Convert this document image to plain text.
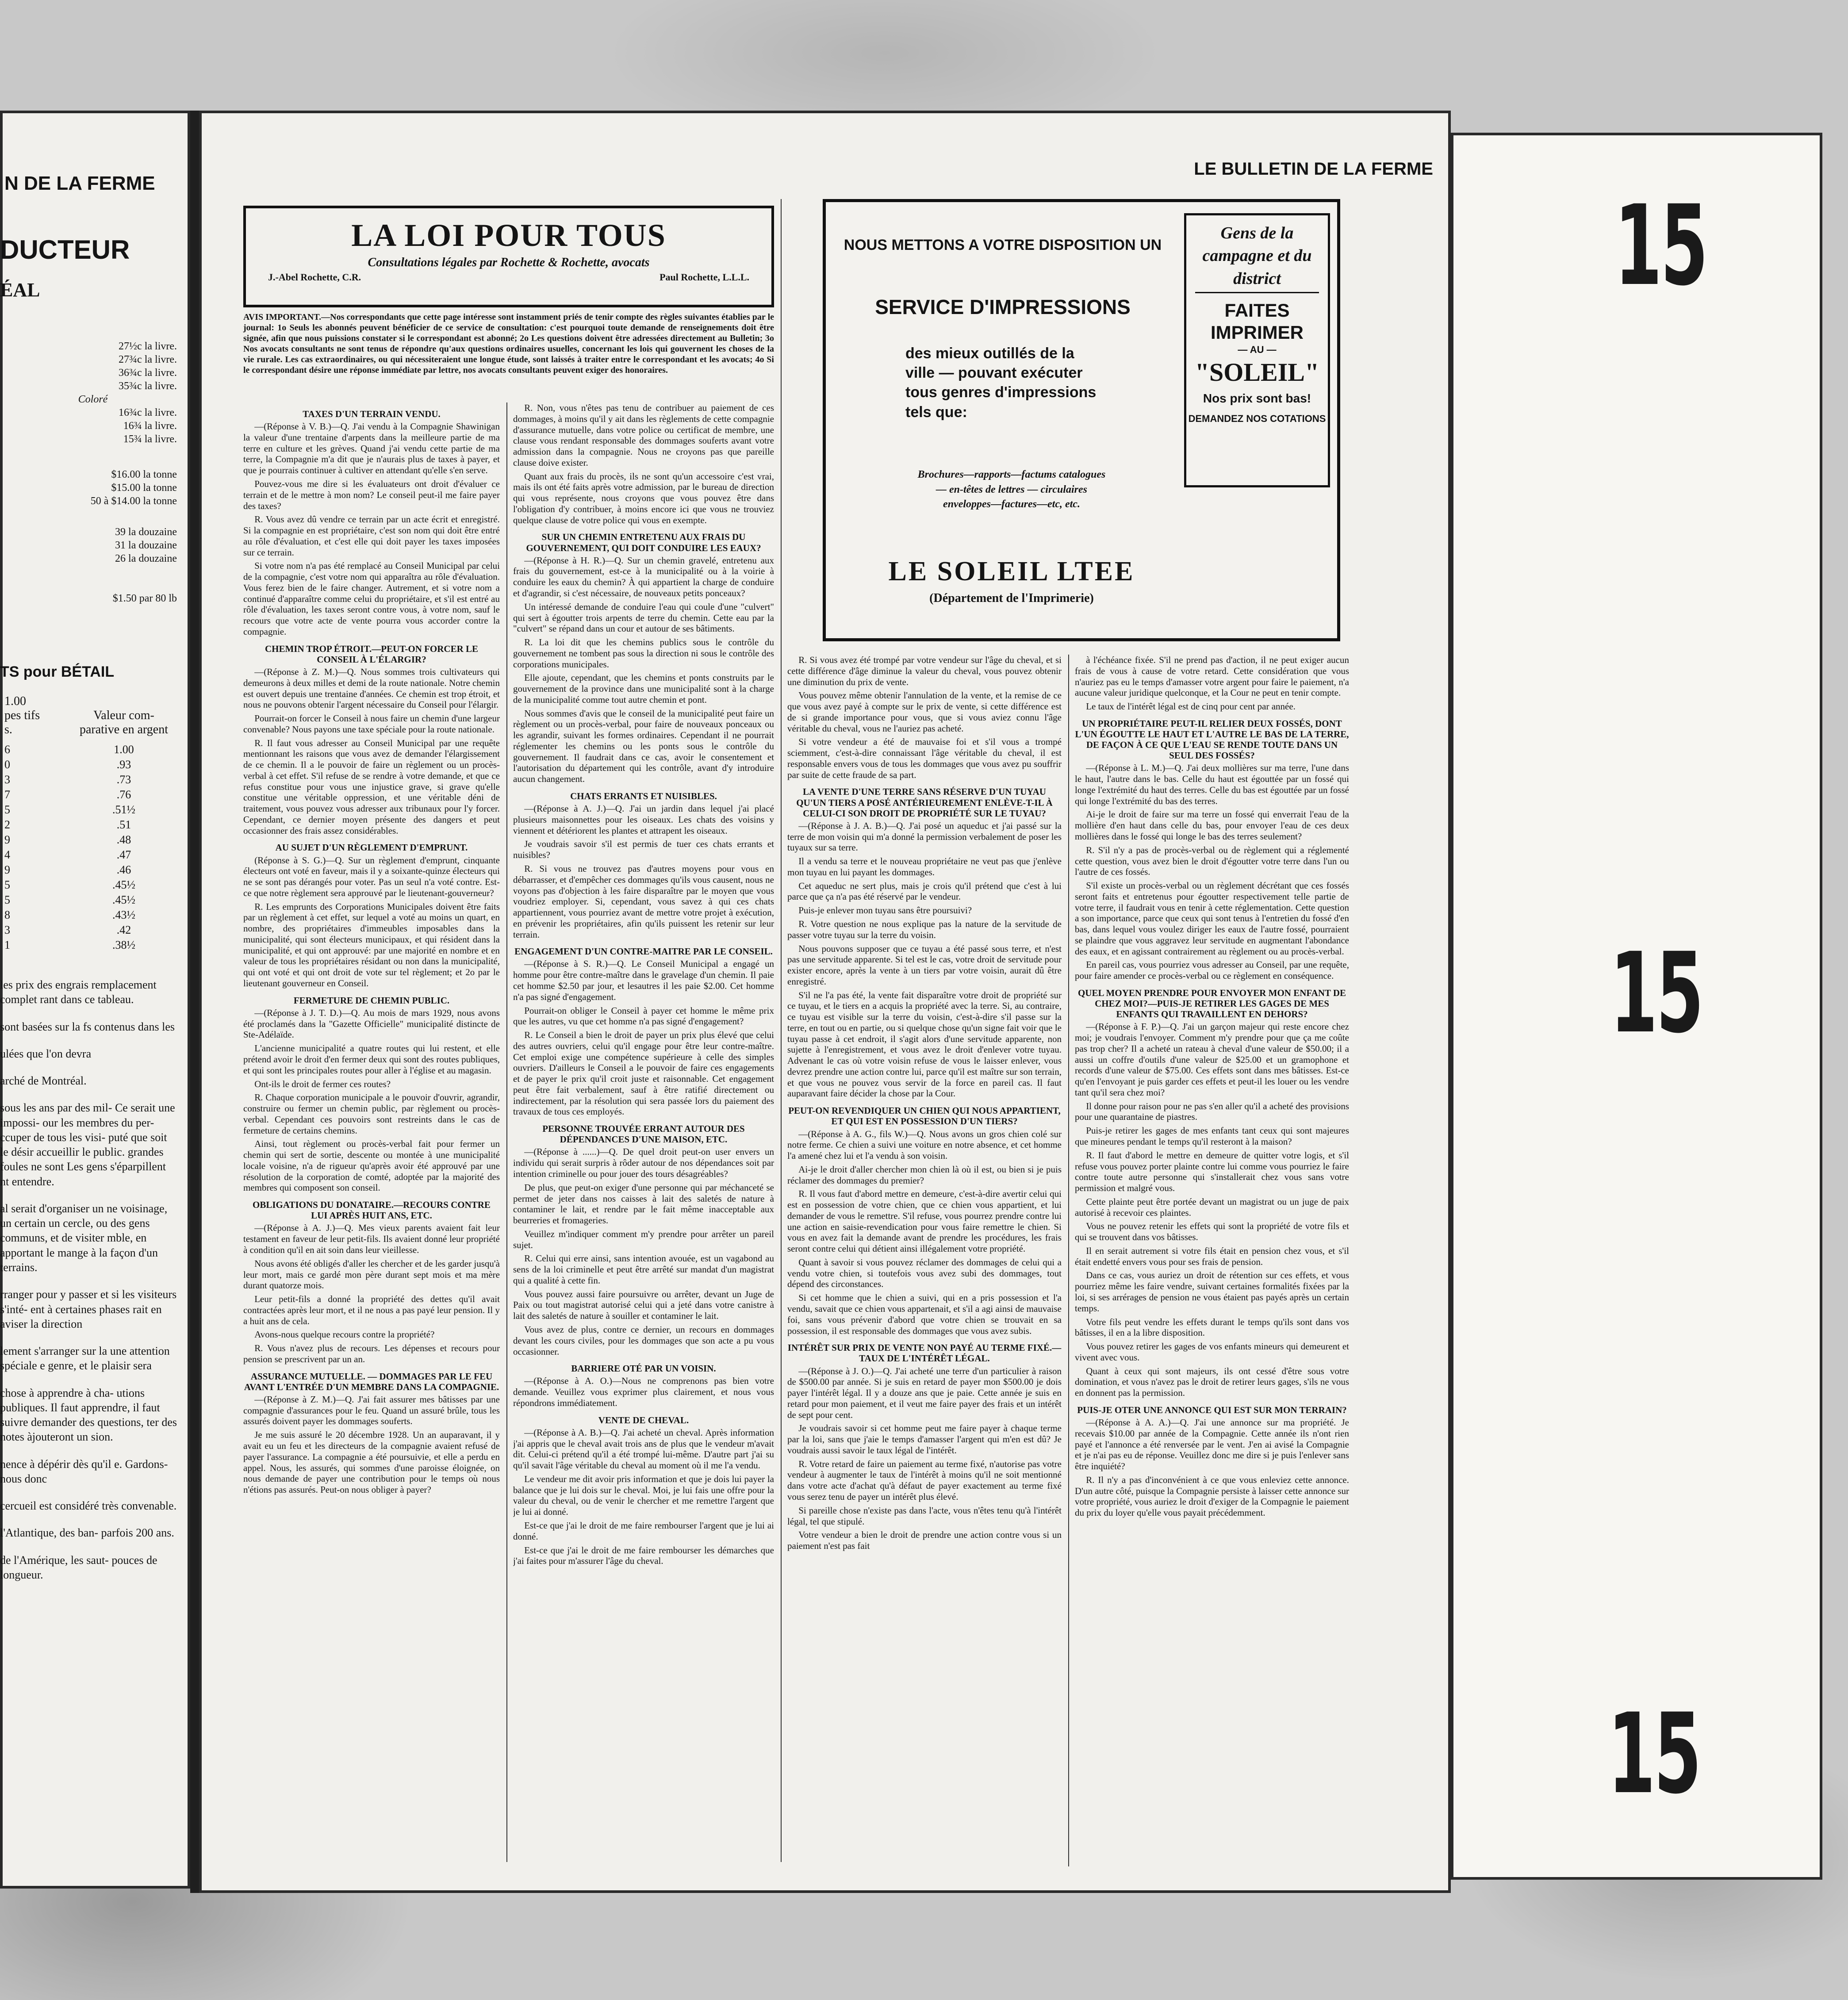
N DE LA FERME
DUCTEUR
ÉAL
27½c la livre.
27¾c la livre.
36¾c la livre.
35¾c la livre.
Coloré
16¾c la livre.
16¾ la livre.
15¾ la livre.
$16.00 la tonne
$15.00 la tonne
50 à $14.00 la tonne
39 la douzaine
31 la douzaine
26 la douzaine
$1.50 par 80 lb
TS pour BÉTAIL
1.00
pes tifs s.
Valeur com- parative en argent
6	1.00
0	.93
3	.73
7	.76
5	.51½
2	.51
9	.48
4	.47
9	.46
5	.45½
5	.45½
8	.43½
3	.42
1	.38½

les prix des engrais remplacement complet rant dans ce tableau.

sont basées sur la fs contenus dans les

ulées que l'on devra

arché de Montréal.

sous les ans par des mil- Ce serait une impossi- our les membres du per- ccuper de tous les visi- puté que soit le désir accueillir le public. grandes foules ne sont Les gens s'éparpillent nt entendre.

al serait d'organiser un ne voisinage, un certain un cercle, ou des gens communs, et de visiter mble, en apportant le mange à la façon d'un terrains.

rranger pour y passer et si les visiteurs s'inté- ent à certaines phases rait en aviser la direction

lement s'arranger sur la une attention spéciale e genre, et le plaisir sera

chose à apprendre à cha- utions publiques. Il faut apprendre, il faut suivre demander des questions, ter des notes àjouteront un sion.

nence à dépérir dès qu'il e. Gardons-nous donc

cercueil est considéré très convenable.

l'Atlantique, des ban- parfois 200 ans.

de l'Amérique, les saut- pouces de longueur.

LE BULLETIN DE LA FERME
LA LOI POUR TOUS
Consultations légales par Rochette & Rochette, avocats
J.-Abel Rochette, C.R.	Paul Rochette, L.L.L.
AVIS IMPORTANT.—Nos correspondants que cette page intéresse sont instamment priés de tenir compte des règles suivantes établies par le journal: 1o Seuls les abonnés peuvent bénéficier de ce service de consultation: c'est pourquoi toute demande de renseignements doit être signée, afin que nous puissions constater si le correspondant est abonné; 2o Les questions doivent être adressées directement au Bulletin; 3o Nos avocats consultants ne sont tenus de répondre qu'aux questions ordinaires usuelles, concernant les lois qui gouvernent les choses de la vie rurale. Les cas extraordinaires, ou qui nécessiteraient une longue étude, sont laissés à traiter entre le correspondant et les avocats; 4o Si le correspondant désire une réponse immédiate par lettre, nos avocats consultants peuvent exiger des honoraires.
TAXES D'UN TERRAIN VENDU.

—(Réponse à V. B.)—Q. J'ai vendu à la Compagnie Shawinigan la valeur d'une trentaine d'arpents dans la meilleure partie de ma terre en culture et les grèves. Quand j'ai vendu cette partie de ma terre, la Compagnie m'a dit que je n'aurais plus de taxes à payer, et que je pourrais continuer à cultiver en attendant qu'elle s'en serve.

Pouvez-vous me dire si les évaluateurs ont droit d'évaluer ce terrain et de le mettre à mon nom? Le conseil peut-il me faire payer des taxes?

R. Vous avez dû vendre ce terrain par un acte écrit et enregistré. Si la compagnie en est propriétaire, c'est son nom qui doit être entré au rôle d'évaluation, et c'est elle qui doit payer les taxes imposées sur ce terrain.

Si votre nom n'a pas été remplacé au Conseil Municipal par celui de la compagnie, c'est votre nom qui apparaîtra au rôle d'évaluation. Vous ferez bien de le faire changer. Autrement, et si votre nom a continué d'apparaître comme celui du propriétaire, et s'il est entré au rôle d'évaluation, les taxes seront contre vous, à votre nom, sauf le recours que votre acte de vente pourra vous accorder contre la compagnie.

CHEMIN TROP ÉTROIT.—PEUT-ON FORCER LE CONSEIL À L'ÉLARGIR?

—(Réponse à Z. M.)—Q. Nous sommes trois cultivateurs qui demeurons à deux milles et demi de la route nationale. Notre chemin est ouvert depuis une trentaine d'années. Ce chemin est trop étroit, et nous ne pouvons obtenir l'argent nécessaire du Conseil pour l'élargir.

Pourrait-on forcer le Conseil à nous faire un chemin d'une largeur convenable? Nous payons une taxe spéciale pour la route nationale.

R. Il faut vous adresser au Conseil Municipal par une requête mentionnant les raisons que vous avez de demander l'élargissement de ce chemin. Il a le pouvoir de faire un règlement ou un procès-verbal à cet effet. S'il refuse de se rendre à votre demande, et que ce refus constitue pour vous une injustice grave, si grave qu'elle constitue une véritable oppression, et une véritable déni de traitement, vous pouvez vous adresser aux tribunaux pour l'y forcer. Cependant, ce dernier moyen présente des dangers et peut occasionner des frais assez considérables.

AU SUJET D'UN RÈGLEMENT D'EMPRUNT.

(Réponse à S. G.)—Q. Sur un règlement d'emprunt, cinquante électeurs ont voté en faveur, mais il y a soixante-quinze électeurs qui ne se sont pas dérangés pour voter. Pas un seul n'a voté contre. Est-ce que notre règlement sera approuvé par le lieutenant-gouverneur?

R. Les emprunts des Corporations Municipales doivent être faits par un règlement à cet effet, sur lequel a voté au moins un quart, en nombre, des propriétaires d'immeubles imposables dans la municipalité, qui sont électeurs municipaux, et qui résident dans la municipalité, et qui ont approuvé: par une majorité en nombre et en valeur de tous les propriétaires résidant ou non dans la municipalité, qui ont voté et qui ont droit de vote sur tel règlement; et 2o par le lieutenant gouverneur en Conseil.

FERMETURE DE CHEMIN PUBLIC.

—(Réponse à J. T. D.)—Q. Au mois de mars 1929, nous avons été proclamés dans la "Gazette Officielle" municipalité distincte de Ste-Adélaïde.

L'ancienne municipalité a quatre routes qui lui restent, et elle prétend avoir le droit d'en fermer deux qui sont des routes publiques, et qui sont les principales routes pour aller à l'église et au magasin.

Ont-ils le droit de fermer ces routes?

R. Chaque corporation municipale a le pouvoir d'ouvrir, agrandir, construire ou fermer un chemin public, par règlement ou procès-verbal. Cependant ces pouvoirs sont restreints dans le cas de fermeture de certains chemins.

Ainsi, tout règlement ou procès-verbal fait pour fermer un chemin qui sert de sortie, descente ou montée à une municipalité locale voisine, n'a de rigueur qu'après avoir été approuvé par une résolution de la corporation de comté, adoptée par la majorité des membres qui composent son conseil.

OBLIGATIONS DU DONATAIRE.—RECOURS CONTRE LUI APRÈS HUIT ANS, ETC.

—(Réponse à A. J.)—Q. Mes vieux parents avaient fait leur testament en faveur de leur petit-fils. Ils avaient donné leur propriété à condition qu'il en ait soin dans leur vieillesse.

Nous avons été obligés d'aller les chercher et de les garder jusqu'à leur mort, mais ce gardé mon père durant sept mois et ma mère durant quatorze mois.

Leur petit-fils a donné la propriété des dettes qu'il avait contractées après leur mort, et il ne nous a pas payé leur pension. Il y a huit ans de cela.

Avons-nous quelque recours contre la propriété?

R. Vous n'avez plus de recours. Les dépenses et recours pour pension se prescrivent par un an.

ASSURANCE MUTUELLE. — DOMMAGES PAR LE FEU AVANT L'ENTRÉE D'UN MEMBRE DANS LA COMPAGNIE.

—(Réponse à Z. M.)—Q. J'ai fait assurer mes bâtisses par une compagnie d'assurances pour le feu. Quand un assuré brûle, tous les assurés doivent payer les dommages souferts.

Je me suis assuré le 20 décembre 1928. Un an auparavant, il y avait eu un feu et les directeurs de la compagnie avaient refusé de payer l'assurance. La compagnie a été poursuivie, et elle a perdu en appel. Nous, les assurés, qui sommes d'une paroisse éloignée, on nous demande de payer une contribution pour le temps où nous n'étions pas assurés. Peut-on nous obliger à payer?

R. Non, vous n'êtes pas tenu de contribuer au paiement de ces dommages, à moins qu'il y ait dans les règlements de cette compagnie d'assurance mutuelle, dans votre police ou certificat de membre, une clause vous rendant responsable des dommages souferts avant votre admission dans la compagnie. Nous ne croyons pas que pareille clause doive exister.

Quant aux frais du procès, ils ne sont qu'un accessoire c'est vrai, mais ils ont été faits après votre admission, par le bureau de direction qui vous représente, nous croyons que vous pouvez être dans l'obligation d'y contribuer, à moins encore ici que vous ne trouviez quelque clause de votre police qui vous en exempte.

SUR UN CHEMIN ENTRETENU AUX FRAIS DU GOUVERNEMENT, QUI DOIT CONDUIRE LES EAUX?

—(Réponse à H. R.)—Q. Sur un chemin gravelé, entretenu aux frais du gouvernement, est-ce à la municipalité ou à la voirie à conduire les eaux du chemin? À qui appartient la charge de conduire et d'agrandir, si c'est nécessaire, de nouveaux petits ponceaux?

Un intéressé demande de conduire l'eau qui coule d'une "culvert" qui sert à égoutter trois arpents de terre du chemin. Cette eau par la "culvert" se répand dans un cour et autour de ses bâtiments.

R. La loi dit que les chemins publics sous le contrôle du gouvernement ne tombent pas sous la direction ni sous le contrôle des corporations municipales.

Elle ajoute, cependant, que les chemins et ponts construits par le gouvernement de la province dans une municipalité sont à la charge de la municipalité comme tout autre chemin et pont.

Nous sommes d'avis que le conseil de la municipalité peut faire un règlement ou un procès-verbal, pour faire de nouveaux ponceaux ou les agrandir, suivant les formes ordinaires. Cependant il ne pourrait réglementer les chemins ou les ponts sous le contrôle du gouvernement. Il faudrait dans ce cas, avoir le consentement et l'autorisation du département qui les contrôle, avant d'y introduire aucun changement.

CHATS ERRANTS ET NUISIBLES.

—(Réponse à A. J.)—Q. J'ai un jardin dans lequel j'ai placé plusieurs maisonnettes pour les oiseaux. Les chats des voisins y viennent et détériorent les plantes et attrapent les oiseaux.

Je voudrais savoir s'il est permis de tuer ces chats errants et nuisibles?

R. Si vous ne trouvez pas d'autres moyens pour vous en débarrasser, et d'empêcher ces dommages qu'ils vous causent, nous ne voyons pas d'objection à les faire disparaître par le moyen que vous voudriez employer. Si, cependant, vous savez à qui ces chats appartiennent, vous pourriez avant de mettre votre projet à exécution, en prévenir les propriétaires, afin qu'ils puissent les retenir sur leur terrain.

ENGAGEMENT D'UN CONTRE-MAITRE PAR LE CONSEIL.

—(Réponse à S. R.)—Q. Le Conseil Municipal a engagé un homme pour être contre-maître dans le gravelage d'un chemin. Il paie cet homme $2.50 par jour, et lesautres il les paie $2.00. Cet homme n'a pas signé d'engagement.

Pourrait-on obliger le Conseil à payer cet homme le même prix que les autres, vu que cet homme n'a pas signé d'engagement?

R. Le Conseil a bien le droit de payer un prix plus élevé que celui des autres ouvriers, celui qu'il engage pour être leur contre-maître. Cet emploi exige une compétence supérieure à celle des simples ouvriers. D'ailleurs le Conseil a le pouvoir de faire ces engagements et de payer le prix qu'il croit juste et raisonnable. Cet engagement peut être fait verbalement, sauf à être ratifié directement ou indirectement, par la résolution qui sera passée lors du paiement des travaux de tous ces employés.

PERSONNE TROUVÉE ERRANT AUTOUR DES DÉPENDANCES D'UNE MAISON, ETC.

—(Réponse à ......)—Q. De quel droit peut-on user envers un individu qui serait surpris à rôder autour de nos dépendances soit par intention criminelle ou pour jouer des tours désagréables?

De plus, que peut-on exiger d'une personne qui par méchanceté se permet de jeter dans nos caisses à lait des saletés de nature à contaminer le lait, et rendre par le fait même inacceptable aux beurreries et fromageries.

Veuillez m'indiquer comment m'y prendre pour arrêter un pareil sujet.

R. Celui qui erre ainsi, sans intention avouée, est un vagabond au sens de la loi criminelle et peut être arrêté sur mandat d'un magistrat qui a qualité à cette fin.

Vous pouvez aussi faire poursuivre ou arrêter, devant un Juge de Paix ou tout magistrat autorisé celui qui a jeté dans votre canistre à lait des saletés de nature à souiller et contaminer le lait.

Vous avez de plus, contre ce dernier, un recours en dommages devant les cours civiles, pour les dommages que son acte a pu vous occasionner.

BARRIERE OTÉ PAR UN VOISIN.

—(Réponse à A. O.)—Nous ne comprenons pas bien votre demande. Veuillez vous exprimer plus clairement, et nous vous répondrons immédiatement.

VENTE DE CHEVAL.

—(Réponse à A. B.)—Q. J'ai acheté un cheval. Après information j'ai appris que le cheval avait trois ans de plus que le vendeur m'avait dit. Celui-ci prétend qu'il a été trompé lui-même. D'autre part j'ai su qu'il savait l'âge véritable du cheval au moment où il me l'a vendu.

Le vendeur me dit avoir pris information et que je dois lui payer la balance que je lui dois sur le cheval. Moi, je lui fais une offre pour la valeur du cheval, ou de venir le chercher et me remettre l'argent que je lui ai donné.

Est-ce que j'ai le droit de me faire rembourser l'argent que je lui ai donné.

Est-ce que j'ai le droit de me faire rembourser les démarches que j'ai faites pour m'assurer l'âge du cheval.

NOUS METTONS A VOTRE DISPOSITION UN
SERVICE D'IMPRESSIONS
des mieux outillés de la ville — pouvant exécuter tous genres d'impressions tels que:
Brochures—rapports—factums catalogues — en-têtes de lettres — circulaires enveloppes—factures—etc, etc.
LE SOLEIL LTEE
(Département de l'Imprimerie)
Gens de la campagne et du district
FAITES IMPRIMER
— AU —
"SOLEIL"
Nos prix sont bas!
DEMANDEZ NOS COTATIONS

R. Si vous avez été trompé par votre vendeur sur l'âge du cheval, et si cette différence d'âge diminue la valeur du cheval, vous pouvez obtenir une diminution du prix de vente.

Vous pouvez même obtenir l'annulation de la vente, et la remise de ce que vous avez payé à compte sur le prix de vente, si cette différence est de si grande importance pour vous, que si vous aviez connu l'âge véritable du cheval, vous ne l'auriez pas acheté.

Si votre vendeur a été de mauvaise foi et s'il vous a trompé sciemment, c'est-à-dire connaissant l'âge véritable du cheval, il est responsable envers vous de tous les dommages que vous avez pu souffrir par suite de cette fraude de sa part.

LA VENTE D'UNE TERRE SANS RÉSERVE D'UN TUYAU QU'UN TIERS A POSÉ ANTÉRIEUREMENT ENLÈVE-T-IL À CELUI-CI SON DROIT DE PROPRIÉTÉ SUR LE TUYAU?

—(Réponse à J. A. B.)—Q. J'ai posé un aqueduc et j'ai passé sur la terre de mon voisin qui m'a donné la permission verbalement de poser les tuyaux sur sa terre.

Il a vendu sa terre et le nouveau propriétaire ne veut pas que j'enlève mon tuyau en lui payant les dommages.

Cet aqueduc ne sert plus, mais je crois qu'il prétend que c'est à lui parce que ça n'a pas été réservé par le vendeur.

Puis-je enlever mon tuyau sans être poursuivi?

R. Votre question ne nous explique pas la nature de la servitude de passer votre tuyau sur la terre du voisin.

Nous pouvons supposer que ce tuyau a été passé sous terre, et n'est pas une servitude apparente. Si tel est le cas, votre droit de servitude pour exister encore, après la vente à un tiers par votre voisin, aurait dû être enregistré.

S'il ne l'a pas été, la vente fait disparaître votre droit de propriété sur ce tuyau, et le tiers en a acquis la propriété avec la terre. Si, au contraire, ce tuyau est visible sur la terre du voisin, c'est-à-dire s'il passe sur la terre, en tout ou en partie, ou si quelque chose qu'un signe fait voir que le tuyau passe à cet endroit, il s'agit alors d'une servitude apparente, non sujette à l'enregistrement, et vous avez le droit d'enlever votre tuyau. Advenant le cas où votre voisin refuse de vous le laisser enlever, vous devrez prendre une action contre lui, parce qu'il est maître sur son terrain, et que vous ne pouvez vous servir de la force en pareil cas. Il faut auparavant faire décider la chose par la Cour.

PEUT-ON REVENDIQUER UN CHIEN QUI NOUS APPARTIENT, ET QUI EST EN POSSESSION D'UN TIERS?

—(Réponse à A. G., fils W.)—Q. Nous avons un gros chien colé sur notre ferme. Ce chien a suivi une voiture en notre absence, et cet homme l'a amené chez lui et l'a vendu à son voisin.

Ai-je le droit d'aller chercher mon chien là où il est, ou bien si je puis réclamer des dommages du premier?

R. Il vous faut d'abord mettre en demeure, c'est-à-dire avertir celui qui est en possession de votre chien, que ce chien vous appartient, et lui demander de vous le remettre. S'il refuse, vous pourrez prendre contre lui une action en saisie-revendication pour vous faire remettre le chien. Si vous en avez fait la demande avant de prendre les procédures, les frais seront contre celui qui détient ainsi illégalement votre propriété.

Quant à savoir si vous pouvez réclamer des dommages de celui qui a vendu votre chien, si toutefois vous avez subi des dommages, tout dépend des circonstances.

Si cet homme que le chien a suivi, qui en a pris possession et l'a vendu, savait que ce chien vous appartenait, et s'il a agi ainsi de mauvaise foi, sans vous prévenir d'abord que votre chien se trouvait en sa possession, il est responsable des dommages que vous avez subis.

INTÉRÊT SUR PRIX DE VENTE NON PAYÉ AU TERME FIXÉ.—TAUX DE L'INTÉRÊT LÉGAL.

—(Réponse à J. O.)—Q. J'ai acheté une terre d'un particulier à raison de $500.00 par année. Si je suis en retard de payer mon $500.00 je dois payer l'intérêt légal. Il y a douze ans que je paie. Cette année je suis en retard pour mon paiement, et il veut me faire payer des frais et un intérêt de sept pour cent.

Je voudrais savoir si cet homme peut me faire payer à chaque terme par la loi, sans que j'aie le temps d'amasser l'argent qui m'en est dû? Je voudrais aussi savoir le taux légal de l'intérêt.

R. Votre retard de faire un paiement au terme fixé, n'autorise pas votre vendeur à augmenter le taux de l'intérêt à moins qu'il ne soit mentionné dans votre acte d'achat qu'à défaut de payer exactement au terme fixé vous serez tenu de payer un intérêt plus élevé.

Si pareille chose n'existe pas dans l'acte, vous n'êtes tenu qu'à l'intérêt légal, tel que stipulé.

Votre vendeur a bien le droit de prendre une action contre vous si un paiement n'est pas fait

à l'échéance fixée. S'il ne prend pas d'action, il ne peut exiger aucun frais de vous à cause de votre retard. Cette considération que vous n'auriez pas eu le temps d'amasser votre argent pour faire le paiement, n'a aucune valeur juridique quelconque, et la Cour ne peut en tenir compte.

Le taux de l'intérêt légal est de cinq pour cent par année.

UN PROPRIÉTAIRE PEUT-IL RELIER DEUX FOSSÉS, DONT L'UN ÉGOUTTE LE HAUT ET L'AUTRE LE BAS DE LA TERRE, DE FAÇON À CE QUE L'EAU SE RENDE TOUTE DANS UN SEUL DES FOSSÉS?

—(Réponse à L. M.)—Q. J'ai deux mollières sur ma terre, l'une dans le haut, l'autre dans le bas. Celle du haut est égouttée par un fossé qui longe l'extrémité du haut des terres. Celle du bas est égouttée par un fossé qui longe l'extrémité du bas des terres.

Ai-je le droit de faire sur ma terre un fossé qui enverrait l'eau de la mollière d'en haut dans celle du bas, pour envoyer l'eau de ces deux mollières dans le fossé qui longe le bas des terres seulement?

R. S'il n'y a pas de procès-verbal ou de règlement qui a réglementé cette question, vous avez bien le droit d'égoutter votre terre dans l'un ou l'autre de ces fossés.

S'il existe un procès-verbal ou un règlement décrétant que ces fossés seront faits et entretenus pour égoutter respectivement telle partie de votre terre, il faudrait vous en tenir à cette réglementation. Cette question a son importance, parce que ceux qui sont tenus à l'entretien du fossé d'en bas, dans lequel vous voulez diriger les eaux de l'autre fossé, pourraient se plaindre que vous aggravez leur servitude en augmentant l'abondance des eaux, et en agissant contrairement au règlement ou au procès-verbal.

En pareil cas, vous pourriez vous adresser au Conseil, par une requête, pour faire amender ce procès-verbal ou ce règlement en conséquence.

QUEL MOYEN PRENDRE POUR ENVOYER MON ENFANT DE CHEZ MOI?—PUIS-JE RETIRER LES GAGES DE MES ENFANTS QUI TRAVAILLENT EN DEHORS?

—(Réponse à F. P.)—Q. J'ai un garçon majeur qui reste encore chez moi; je voudrais l'envoyer. Comment m'y prendre pour que ça me coûte pas trop cher? Il a acheté un rateau à cheval d'une valeur de $50.00; il a aussi un coffre d'outils d'une valeur de $25.00 et un gramophone et records d'une valeur de $75.00. Ces effets sont dans mes bâtisses. Est-ce qu'en l'envoyant je puis garder ces effets et peut-il les louer ou les vendre tant qu'il sera chez moi?

Il donne pour raison pour ne pas s'en aller qu'il a acheté des provisions pour une quarantaine de piastres.

Puis-je retirer les gages de mes enfants tant ceux qui sont majeures que mineures pendant le temps qu'il resteront à la maison?

R. Il faut d'abord le mettre en demeure de quitter votre logis, et s'il refuse vous pouvez porter plainte contre lui comme vous pourriez le faire contre toute autre personne qui s'installerait chez vous sans votre permission et malgré vous.

Cette plainte peut être portée devant un magistrat ou un juge de paix autorisé à recevoir ces plaintes.

Vous ne pouvez retenir les effets qui sont la propriété de votre fils et qui se trouvent dans vos bâtisses.

Il en serait autrement si votre fils était en pension chez vous, et s'il était endetté envers vous pour ses frais de pension.

Dans ce cas, vous auriez un droit de rétention sur ces effets, et vous pourriez même les faire vendre, suivant certaines formalités fixées par la loi, si ses arrérages de pension ne vous étaient pas payés après un certain temps.

Votre fils peut vendre les effets durant le temps qu'ils sont dans vos bâtisses, il en a la libre disposition.

Vous pouvez retirer les gages de vos enfants mineurs qui demeurent et vivent avec vous.

Quant à ceux qui sont majeurs, ils ont cessé d'être sous votre domination, et vous n'avez pas le droit de retirer leurs gages, s'ils ne vous en donnent pas la permission.

PUIS-JE OTER UNE ANNONCE QUI EST SUR MON TERRAIN?

—(Réponse à A. A.)—Q. J'ai une annonce sur ma propriété. Je recevais $10.00 par année de la Compagnie. Cette année ils n'ont rien payé et l'annonce a été renversée par le vent. J'en ai avisé la Compagnie et je n'ai pas eu de réponse. Veuillez donc me dire si je puis l'enlever sans être inquiété?

R. Il n'y a pas d'inconvénient à ce que vous enleviez cette annonce. D'un autre côté, puisque la Compagnie persiste à laisser cette annonce sur votre propriété, vous auriez le droit d'exiger de la Compagnie le paiement du prix du loyer qu'elle vous payait précédemment.

15
15
15
